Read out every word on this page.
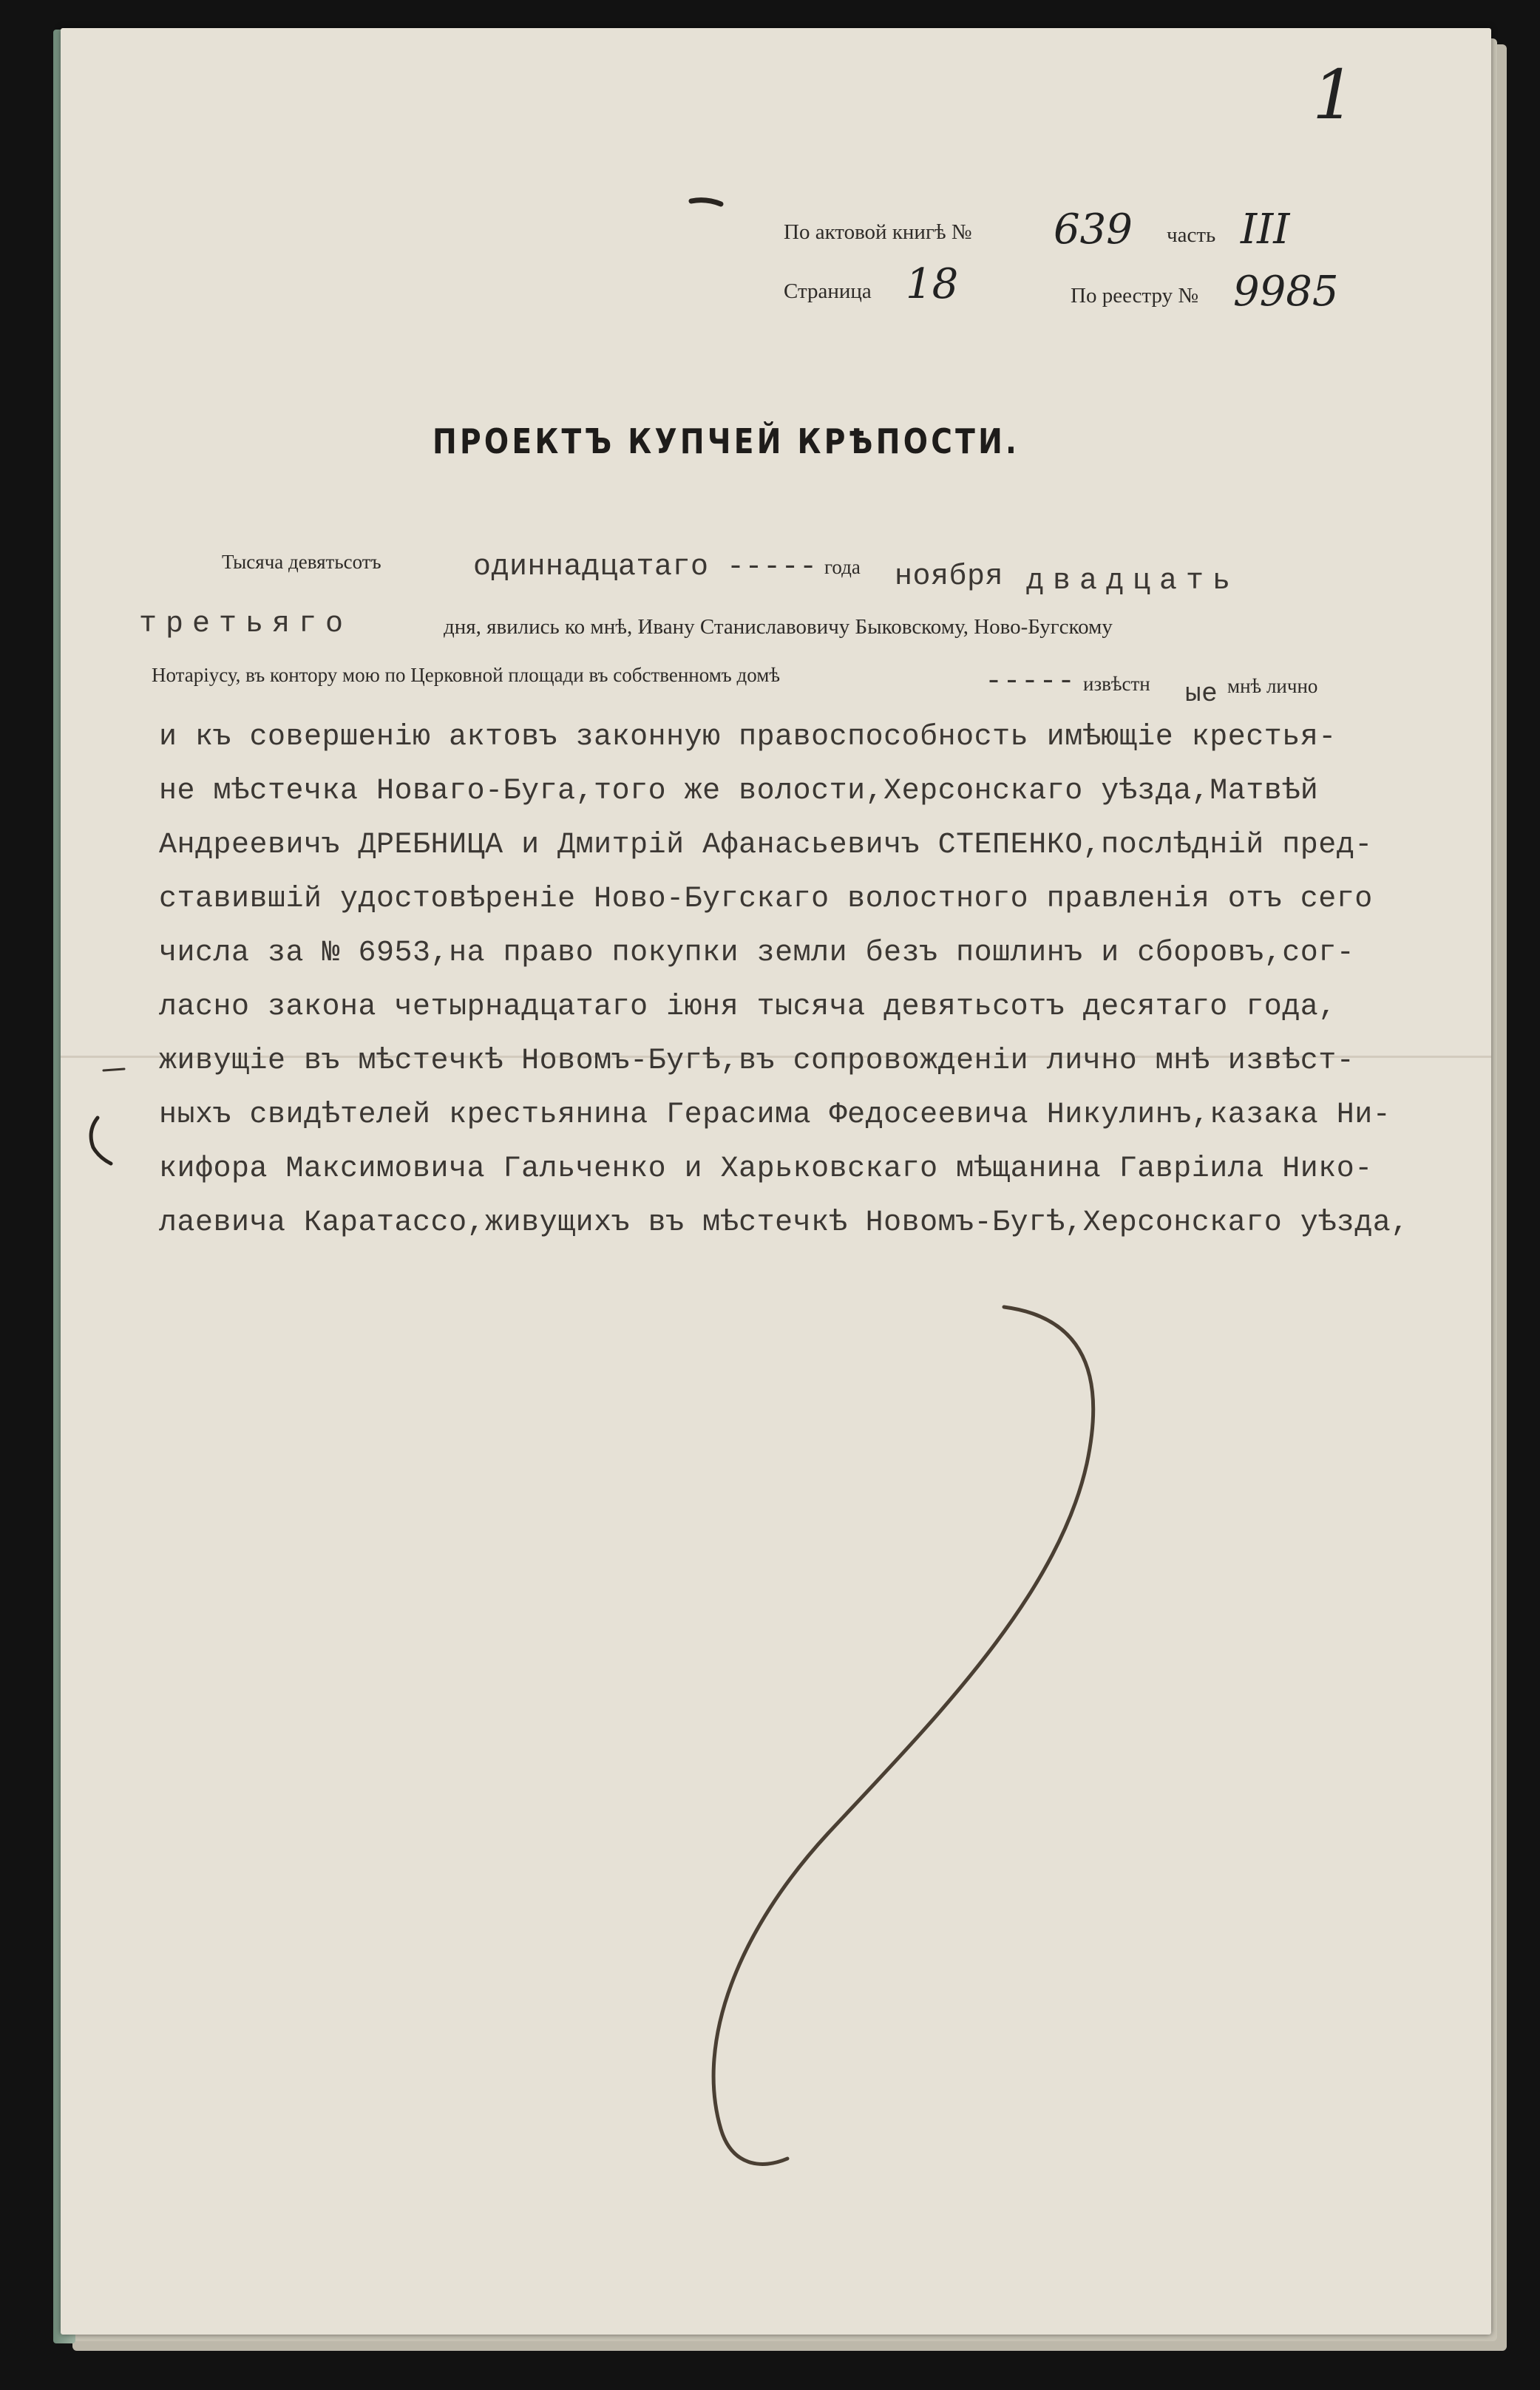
1
По актовой книгѣ № 639 часть III
Страница 18	По реестру № 9985
ПРОЕКТЪ КУПЧЕЙ КРѢПОСТИ.
Тысяча девятьсотъ	одиннадцатаго ----- года ноября двадцать
третьяго	дня, явились ко мнѣ, Ивану Станиславовичу Быковскому, Ново-Бугскому
Нотаріусу, въ контору мою по Церковной площади въ собственномъ домѣ	----- извѣстн ые мнѣ лично
и къ совершенію актовъ законную правоспособность имѣющіе крестья-
не мѣстечка Новаго-Буга,того же волости,Херсонскаго уѣзда,Матвѣй
Андреевичъ ДРЕБНИЦА и Дмитрій Афанасьевичъ СТЕПЕНКО,послѣдній пред-
ставившій удостовѣреніе Ново-Бугскаго волостного правленія отъ сего
числа за № 6953,на право покупки земли безъ пошлинъ и сборовъ,сог-
ласно закона четырнадцатаго іюня тысяча девятьсотъ десятаго года,
живущіе въ мѣстечкѣ Новомъ-Бугѣ,въ сопровожденіи лично мнѣ извѣст-
ныхъ свидѣтелей крестьянина Герасима Федосеевича Никулинъ,казака Ни-
кифора Максимовича Гальченко и Харьковскаго мѣщанина Гавріила Нико-
лаевича Каратассо,живущихъ въ мѣстечкѣ Новомъ-Бугѣ,Херсонскаго уѣзда,
